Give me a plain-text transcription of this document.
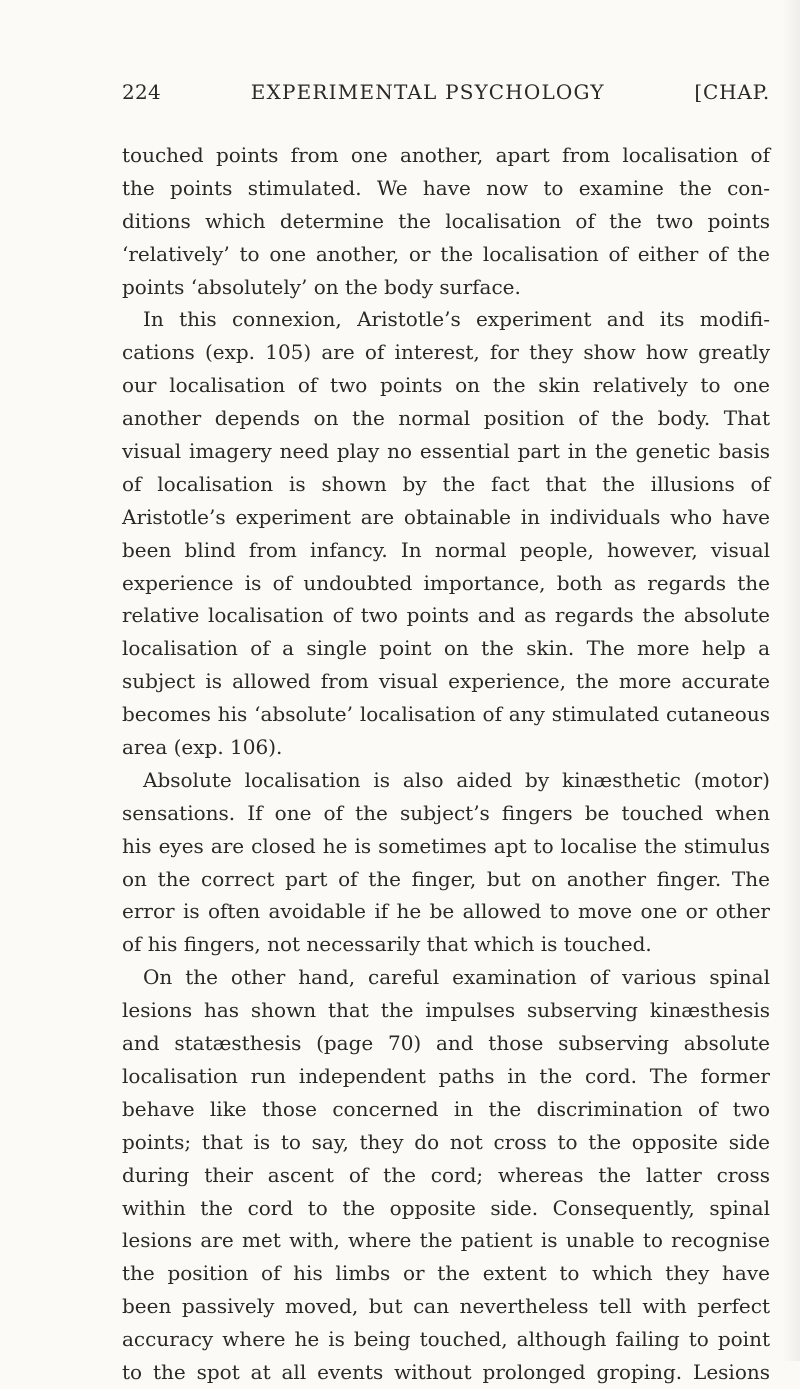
224	EXPERIMENTAL PSYCHOLOGY	[CHAP.
touched points from one another, apart from localisation of
the points stimulated. We have now to examine the con-
ditions which determine the localisation of the two points
‘relatively’ to one another, or the localisation of either of the
points ‘absolutely’ on the body surface.
In this connexion, Aristotle’s experiment and its modifi-
cations (exp. 105) are of interest, for they show how greatly
our localisation of two points on the skin relatively to one
another depends on the normal position of the body. That
visual imagery need play no essential part in the genetic basis
of localisation is shown by the fact that the illusions of
Aristotle’s experiment are obtainable in individuals who have
been blind from infancy. In normal people, however, visual
experience is of undoubted importance, both as regards the
relative localisation of two points and as regards the absolute
localisation of a single point on the skin. The more help a
subject is allowed from visual experience, the more accurate
becomes his ‘absolute’ localisation of any stimulated cutaneous
area (exp. 106).
Absolute localisation is also aided by kinæsthetic (motor)
sensations. If one of the subject’s fingers be touched when
his eyes are closed he is sometimes apt to localise the stimulus
on the correct part of the finger, but on another finger. The
error is often avoidable if he be allowed to move one or other
of his fingers, not necessarily that which is touched.
On the other hand, careful examination of various spinal
lesions has shown that the impulses subserving kinæsthesis
and statæsthesis (page 70) and those subserving absolute
localisation run independent paths in the cord. The former
behave like those concerned in the discrimination of two
points; that is to say, they do not cross to the opposite side
during their ascent of the cord; whereas the latter cross
within the cord to the opposite side. Consequently, spinal
lesions are met with, where the patient is unable to recognise
the position of his limbs or the extent to which they have
been passively moved, but can nevertheless tell with perfect
accuracy where he is being touched, although failing to point
to the spot at all events without prolonged groping. Lesions
